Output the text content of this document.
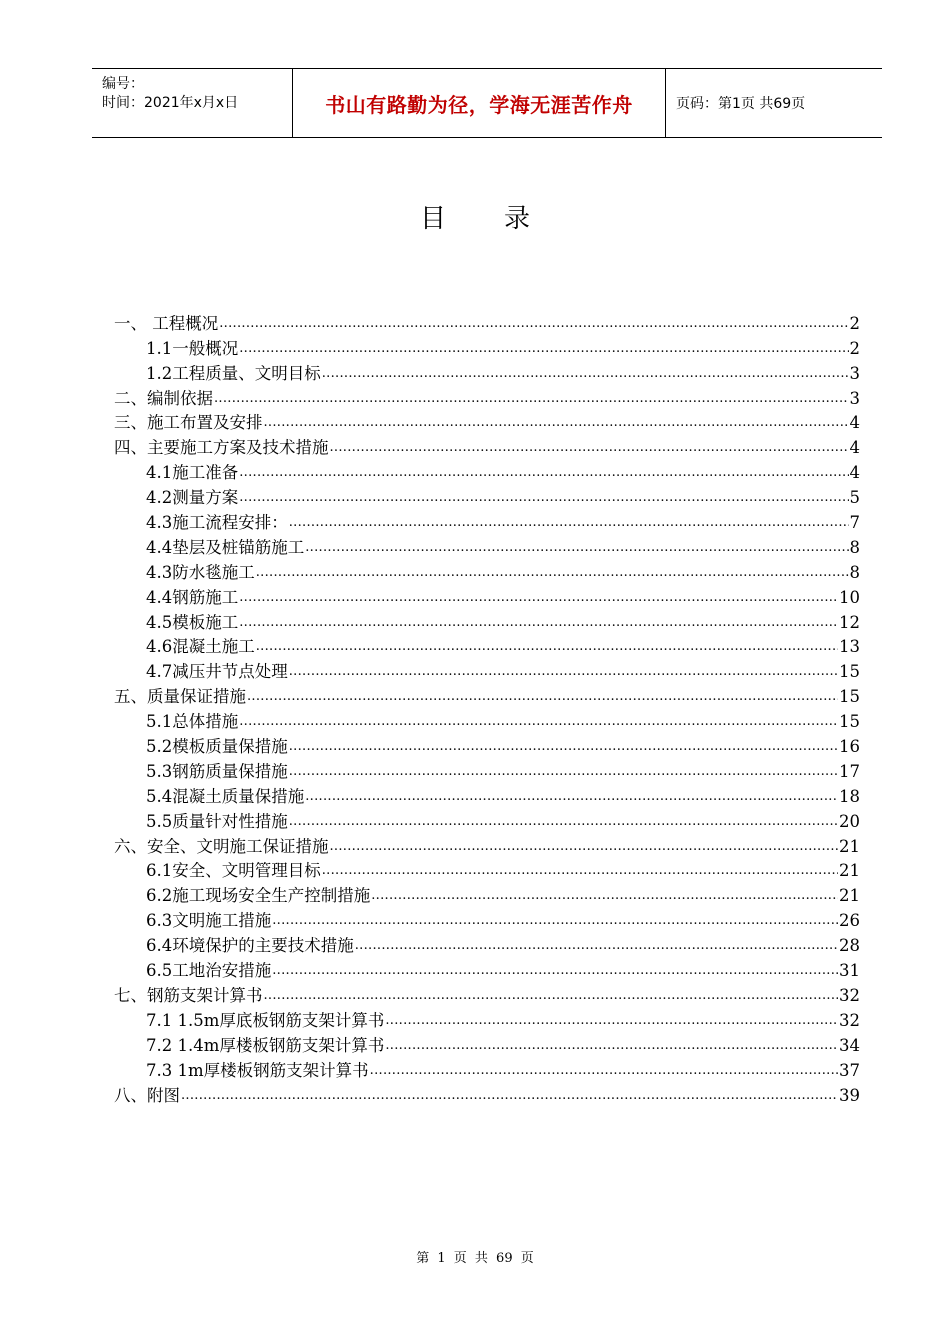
编号：
时间：2021年x月x日	书山有路勤为径，学海无涯苦作舟	页码：第1页 共69页
目录
一、 工程概况 .....	2
1.1一般概况 .....	2
1.2工程质量、文明目标 .....	3
二、编制依据 .....	3
三、施工布置及安排 .....	4
四、主要施工方案及技术措施 .....	4
4.1施工准备 .....	4
4.2测量方案 .....	5
4.3施工流程安排： .....	7
4.4垫层及桩锚筋施工 .....	8
4.3防水毯施工 .....	8
4.4钢筋施工 .....	10
4.5模板施工 .....	12
4.6混凝土施工 .....	13
4.7减压井节点处理 .....	15
五、质量保证措施 .....	15
5.1总体措施 .....	15
5.2模板质量保措施 .....	16
5.3钢筋质量保措施 .....	17
5.4混凝土质量保措施 .....	18
5.5质量针对性措施 .....	20
六、安全、文明施工保证措施 .....	21
6.1安全、文明管理目标 .....	21
6.2施工现场安全生产控制措施 .....	21
6.3文明施工措施 .....	26
6.4环境保护的主要技术措施 .....	28
6.5工地治安措施 .....	31
七、钢筋支架计算书 .....	32
7.1 1.5m厚底板钢筋支架计算书 .....	32
7.2 1.4m厚楼板钢筋支架计算书 .....	34
7.3 1m厚楼板钢筋支架计算书 .....	37
八、附图 .....	39
第 1 页 共 69 页
